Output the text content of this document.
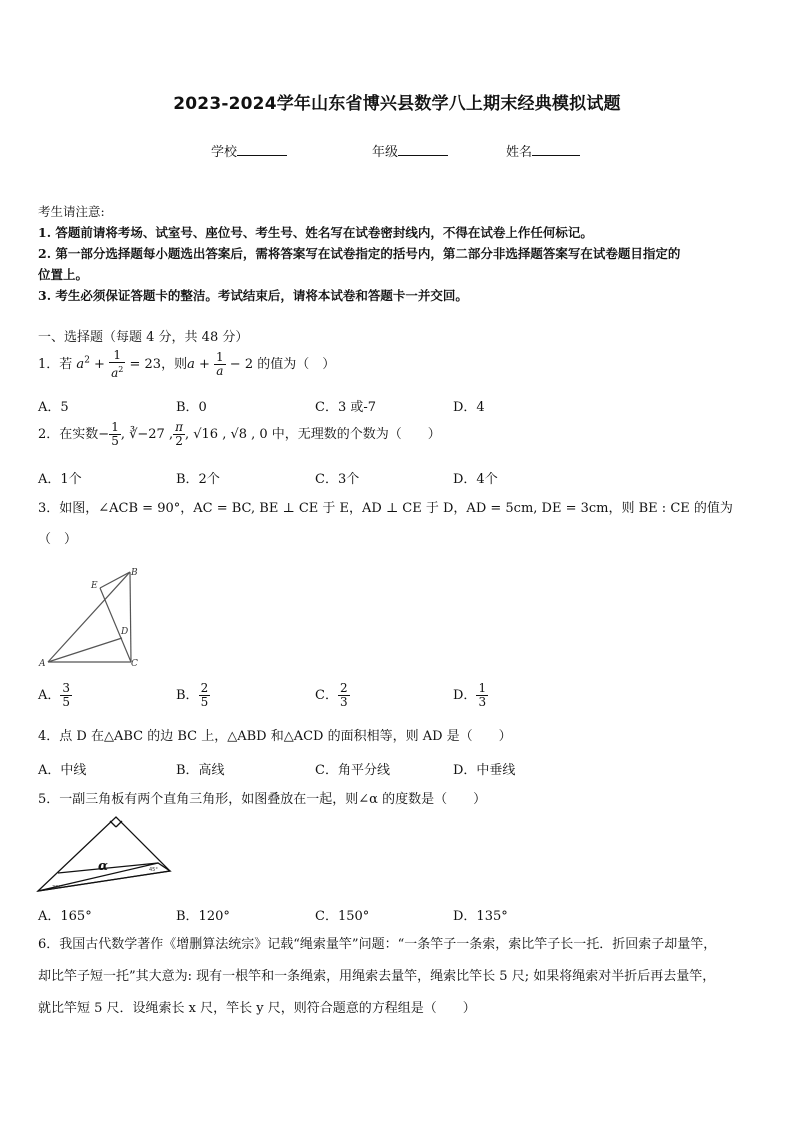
2023-2024学年山东省博兴县数学八上期末经典模拟试题
学校	年级	姓名
考生请注意:
1. 答题前请将考场、试室号、座位号、考生号、姓名写在试卷密封线内，不得在试卷上作任何标记。
2. 第一部分选择题每小题选出答案后，需将答案写在试卷指定的括号内，第二部分非选择题答案写在试卷题目指定的
位置上。
3. 考生必须保证答题卡的整洁。考试结束后，请将本试卷和答题卡一并交回。
一、选择题（每题 4 分，共 48 分）
1．若 $a^2 + \frac{1}{a^2} = 23$，则$a + \frac{1}{a} - 2$ 的值为（　）
A．5	B．0	C．3 或-7	D．4
2．在实数− $\frac{1}{5}$ , ∛−27 , $\frac{\pi}{2}$ , √16 , √8 , 0 中，无理数的个数为（　　）
A．1个	B．2个	C．3个	D．4个
3．如图，∠ACB = 90°，AC = BC, BE ⊥ CE 于 E，AD ⊥ CE 于 D，AD = 5cm, DE = 3cm，则 BE : CE 的值为
（　）
A
B
C
D
E
A． $\frac{3}{5}$	B． $\frac{2}{5}$	C． $\frac{2}{3}$	D． $\frac{1}{3}$
4．点 D 在△ABC 的边 BC 上，△ABD 和△ACD 的面积相等，则 AD 是（　　）
A．中线	B．高线	C．角平分线	D．中垂线
5．一副三角板有两个直角三角形，如图叠放在一起，则∠α 的度数是（　　）
α
30°
45°
A．165°	B．120°	C．150°	D．135°
6．我国古代数学著作《增删算法统宗》记载“绳索量竿”问题：“一条竿子一条索，索比竿子长一托．折回索子却量竿，
却比竿子短一托”其大意为: 现有一根竿和一条绳索，用绳索去量竿，绳索比竿长 5 尺; 如果将绳索对半折后再去量竿，
就比竿短 5 尺．设绳索长 x 尺，竿长 y 尺，则符合题意的方程组是（　　）
